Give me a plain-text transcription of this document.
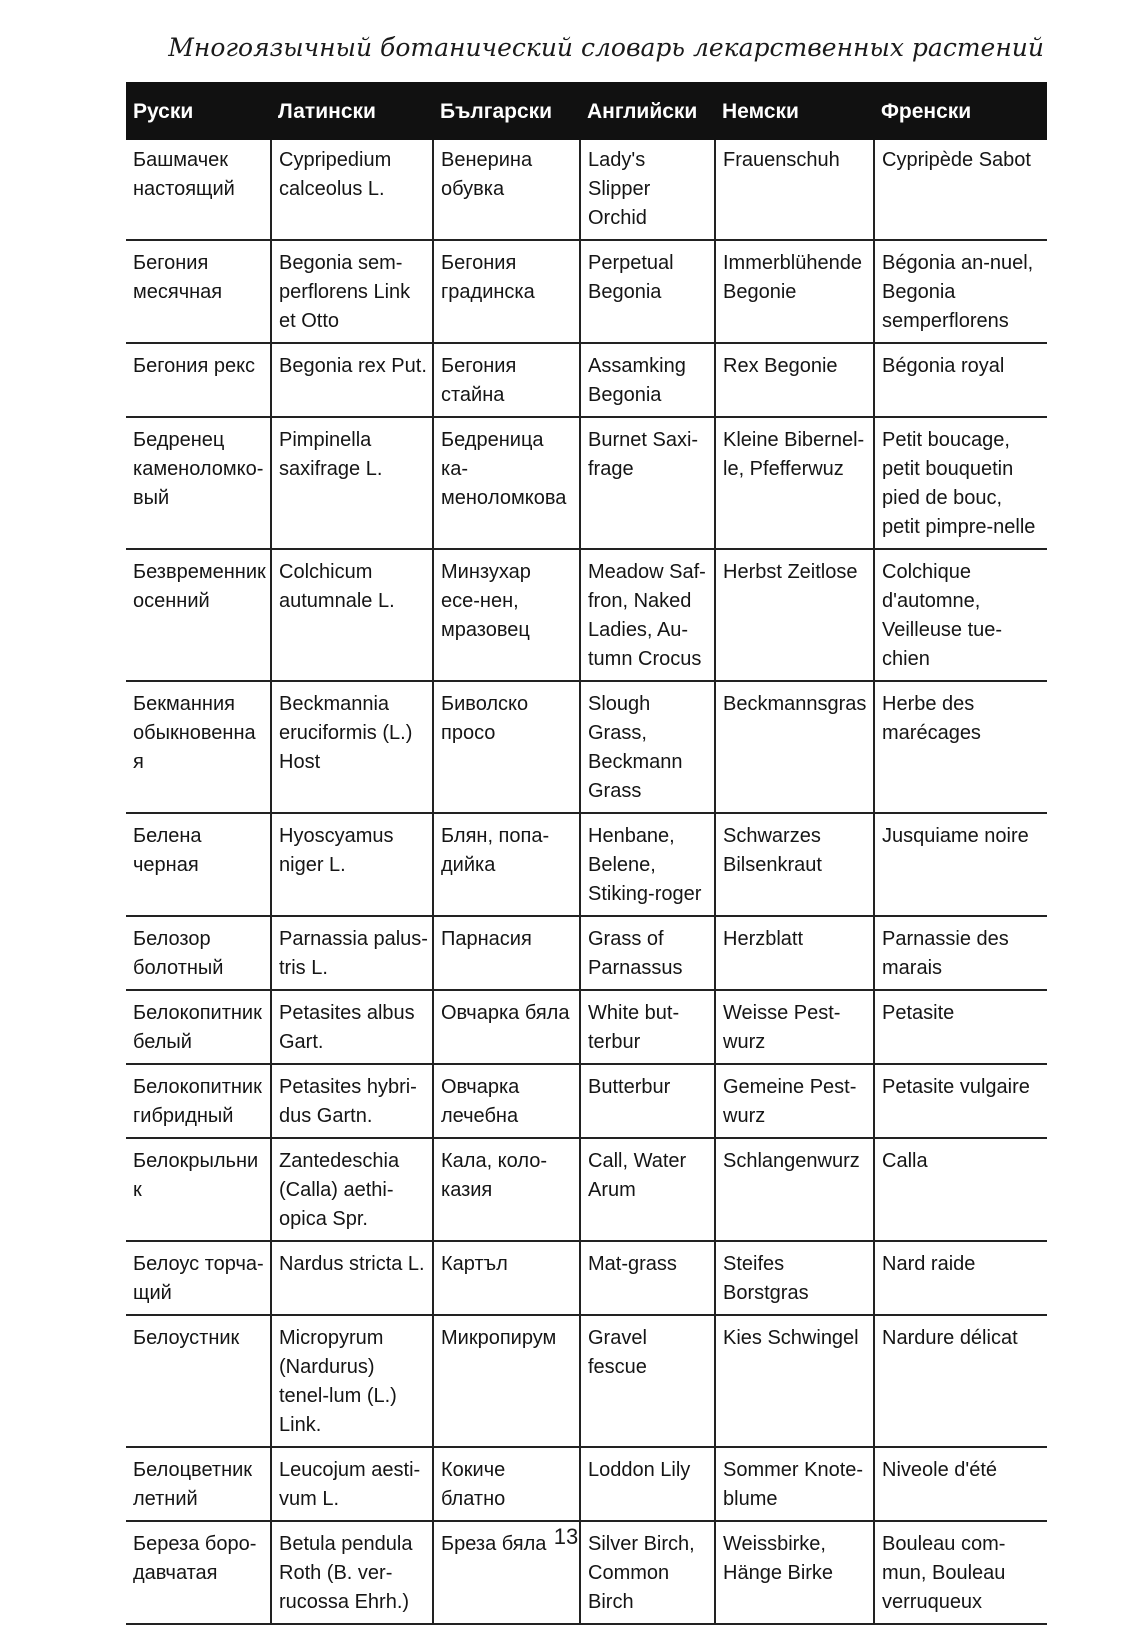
Многоязычный ботанический словарь лекарственных растений
Руски	Латински	Български	Английски	Немски	Френски
Башмачек настоящий	Cypripedium calceolus L.	Венерина обувка	Lady's Slipper Orchid	Frauenschuh	Cypripède Sabot
Бегония месячная	Begonia sem-perflorens Link et Otto	Бегония градинска	Perpetual Begonia	Immerblühende Begonie	Bégonia an-nuel, Begonia semperflorens
Бегония рекс	Begonia rex Put.	Бегония стайна	Assamking Begonia	Rex Begonie	Bégonia royal
Бедренец каменоломко-вый	Pimpinella saxifrage L.	Бедреница ка-менoломкова	Burnet Saxi-frage	Kleine Bibernel-le, Pfefferwuz	Petit boucage, petit bouquetin pied de bouc, petit pimpre-nelle
Безвременник осенний	Colchicum autumnale L.	Минзухар есе-нен, мразовец	Meadow Saf-fron, Naked Ladies, Au-tumn Crocus	Herbst Zeitlose	Colchique d'automne, Veilleuse tue-chien
Бекманния обыкновенная	Beckmannia eruciformis (L.) Host	Биволско просо	Slough Grass, Beckmann Grass	Beckmannsgras	Herbe des marécages
Белена черная	Hyoscyamus niger L.	Блян, попа-дийка	Henbane, Belene, Stiking-roger	Schwarzes Bilsenkraut	Jusquiame noire
Белозор болотный	Parnassia palus-tris L.	Парнасия	Grass of Parnassus	Herzblatt	Parnassie des marais
Белокопитник белый	Petasites albus Gart.	Овчарка бяла	White but-terbur	Weisse Pest-wurz	Petasite
Белокопитник гибридный	Petasites hybri-dus Gartn.	Овчарка лечебна	Butterbur	Gemeine Pest-wurz	Petasite vulgaire
Белокрыльник	Zantedeschia (Calla) aethi-opica Spr.	Кала, коло-казия	Call, Water Arum	Schlangenwurz	Calla
Белоус торча-щий	Nardus stricta L.	Картъл	Mat-grass	Steifes Borstgras	Nard raide
Белоустник	Micropyrum (Nardurus) tenel-lum (L.) Link.	Микропирум	Gravel fescue	Kies Schwingel	Nardure délicat
Белоцветник летний	Leucojum aesti-vum L.	Кокиче блатно	Loddon Lily	Sommer Knote-blume	Niveole d'été
Береза боро-давчатая	Betula pendula Roth (B. ver-rucossa Ehrh.)	Бреза бяла	Silver Birch, Common Birch	Weissbirke, Hänge Birke	Bouleau com-mun, Bouleau verruqueux
13
